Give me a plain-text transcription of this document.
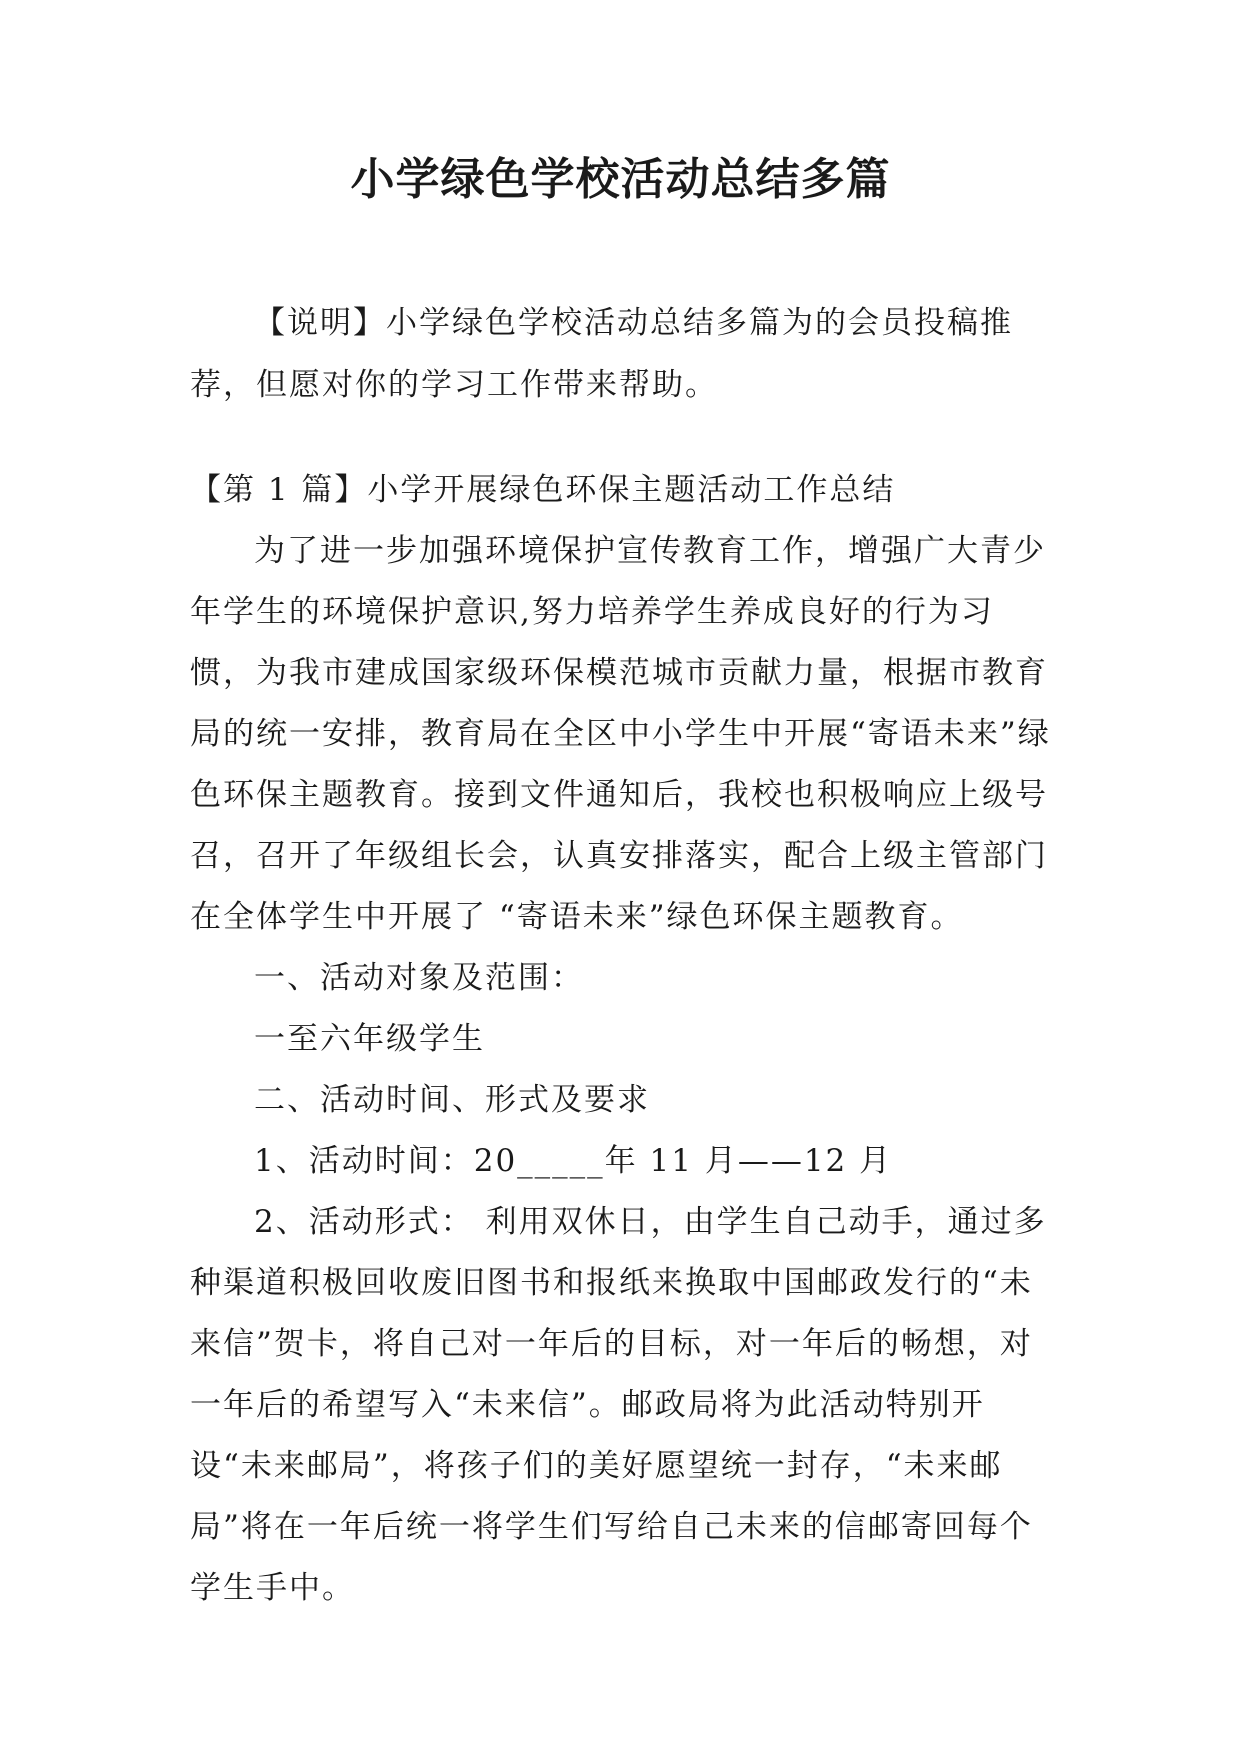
小学绿色学校活动总结多篇
【说明】小学绿色学校活动总结多篇为的会员投稿推荐，但愿对你的学习工作带来帮助。

【第 1 篇】小学开展绿色环保主题活动工作总结

为了进一步加强环境保护宣传教育工作，增强广大青少年学生的环境保护意识,努力培养学生养成良好的行为习惯，为我市建成国家级环保模范城市贡献力量，根据市教育局的统一安排，教育局在全区中小学生中开展“寄语未来”绿色环保主题教育。接到文件通知后，我校也积极响应上级号召，召开了年级组长会，认真安排落实，配合上级主管部门在全体学生中开展了 “寄语未来”绿色环保主题教育。

一、活动对象及范围：

一至六年级学生

二、活动时间、形式及要求

1、活动时间：20_____年 11 月——12 月

2、活动形式： 利用双休日，由学生自己动手，通过多种渠道积极回收废旧图书和报纸来换取中国邮政发行的“未来信”贺卡，将自己对一年后的目标，对一年后的畅想，对一年后的希望写入“未来信”。邮政局将为此活动特别开设“未来邮局”，将孩子们的美好愿望统一封存，“未来邮局”将在一年后统一将学生们写给自己未来的信邮寄回每个学生手中。
